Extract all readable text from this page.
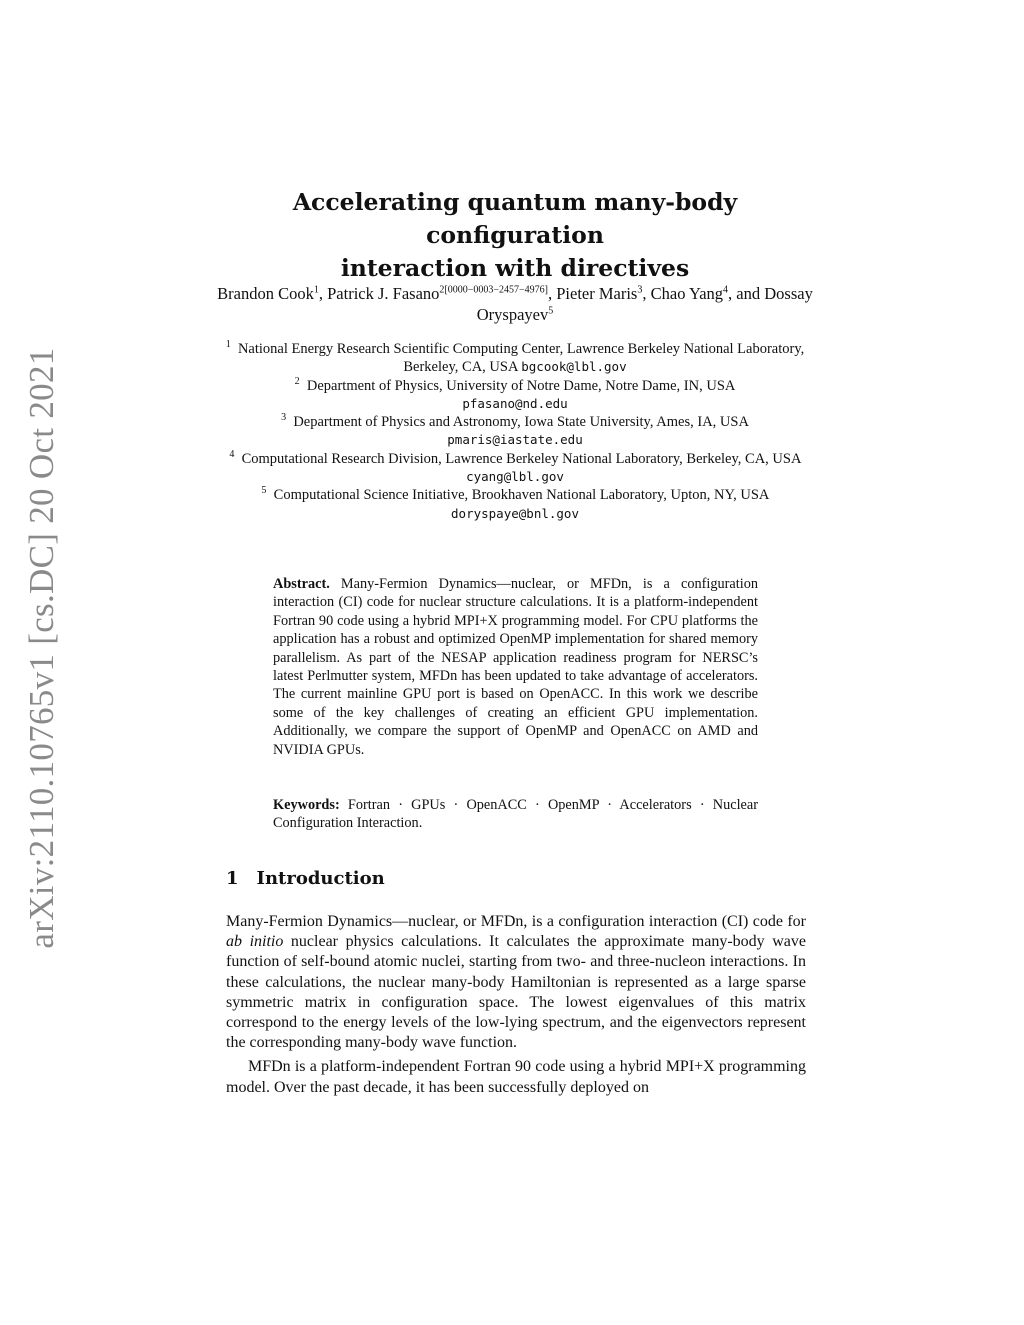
arXiv:2110.10765v1 [cs.DC] 20 Oct 2021
Accelerating quantum many-body configuration
interaction with directives
Brandon Cook$^1$, Patrick J. Fasano$^{2[0000-0003-2457-4976]}$, Pieter Maris$^3$, Chao Yang$^4$, and Dossay Oryspayev$^5$
$^1$ National Energy Research Scientific Computing Center, Lawrence Berkeley National Laboratory, Berkeley, CA, USA bgcook@lbl.gov
$^2$ Department of Physics, University of Notre Dame, Notre Dame, IN, USA
pfasano@nd.edu
$^3$ Department of Physics and Astronomy, Iowa State University, Ames, IA, USA
pmaris@iastate.edu
$^4$ Computational Research Division, Lawrence Berkeley National Laboratory, Berkeley, CA, USA cyang@lbl.gov
$^5$ Computational Science Initiative, Brookhaven National Laboratory, Upton, NY, USA doryspaye@bnl.gov
Abstract. Many-Fermion Dynamics—nuclear, or MFDn, is a configuration interaction (CI) code for nuclear structure calculations. It is a platform-independent Fortran 90 code using a hybrid MPI+X programming model. For CPU platforms the application has a robust and optimized OpenMP implementation for shared memory parallelism. As part of the NESAP application readiness program for NERSC’s latest Perlmutter system, MFDn has been updated to take advantage of accelerators. The current mainline GPU port is based on OpenACC. In this work we describe some of the key challenges of creating an efficient GPU implementation. Additionally, we compare the support of OpenMP and OpenACC on AMD and NVIDIA GPUs.
Keywords: Fortran · GPUs · OpenACC · OpenMP · Accelerators · Nuclear Configuration Interaction.
1 Introduction

Many-Fermion Dynamics—nuclear, or MFDn, is a configuration interaction (CI) code for ab initio nuclear physics calculations. It calculates the approximate many-body wave function of self-bound atomic nuclei, starting from two- and three-nucleon interactions. In these calculations, the nuclear many-body Hamiltonian is represented as a large sparse symmetric matrix in configuration space. The lowest eigenvalues of this matrix correspond to the energy levels of the low-lying spectrum, and the eigenvectors represent the corresponding many-body wave function.

MFDn is a platform-independent Fortran 90 code using a hybrid MPI+X programming model. Over the past decade, it has been successfully deployed on
